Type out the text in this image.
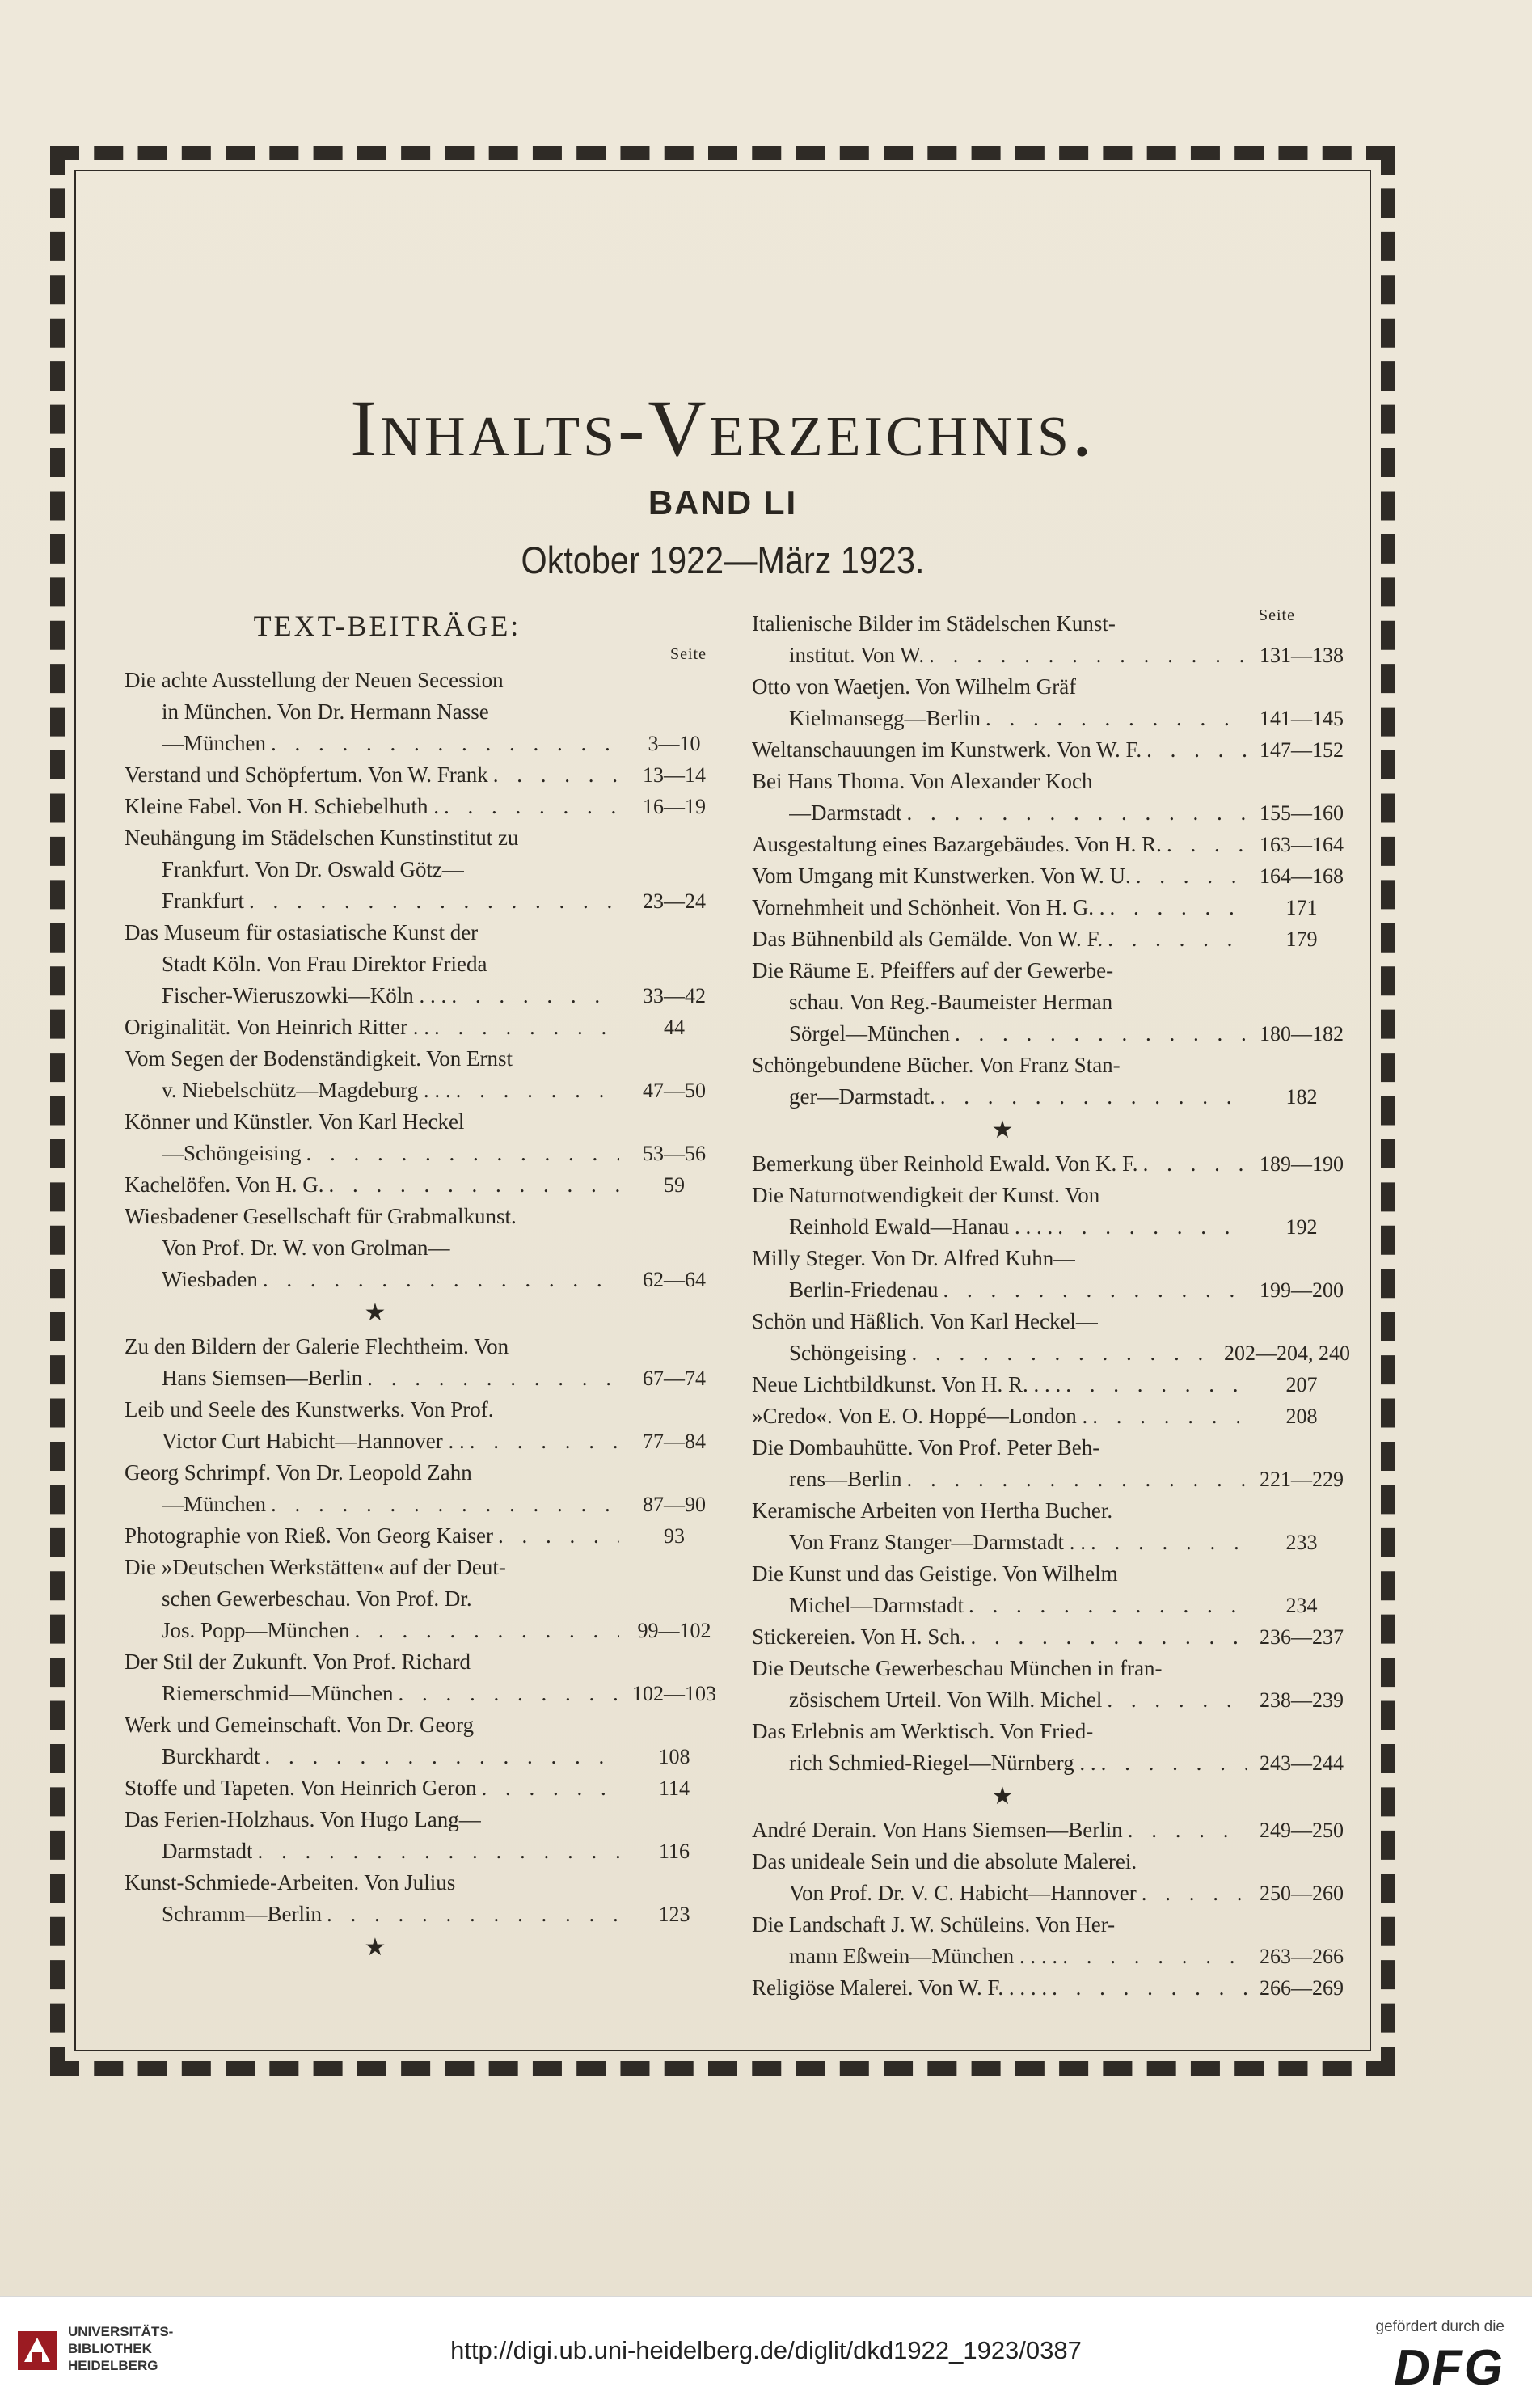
Inhalts-Verzeichnis.
BAND LI
Oktober 1922—März 1923.
TEXT-BEITRÄGE:
Seite
Die achte Ausstellung der Neuen Secession
in München. Von Dr. Hermann Nasse
—München . . .	3—10
Verstand und Schöpfertum. Von W. Frank . . .	13—14
Kleine Fabel. Von H. Schiebelhuth . . . .	16—19
Neuhängung im Städelschen Kunstinstitut zu
Frankfurt. Von Dr. Oswald Götz—
Frankfurt . . .	23—24
Das Museum für ostasiatische Kunst der
Stadt Köln. Von Frau Direktor Frieda
Fischer-Wieruszowki—Köln . . . . . .	33—42
Originalität. Von Heinrich Ritter . . . . .	44
Vom Segen der Bodenständigkeit. Von Ernst
v. Niebelschütz—Magdeburg . . . . . .	47—50
Könner und Künstler. Von Karl Heckel
—Schöngeising . . .	53—56
Kachelöfen. Von H. G. . . .	59
Wiesbadener Gesellschaft für Grabmalkunst.
Von Prof. Dr. W. von Grolman—
Wiesbaden . . .	62—64
★
Zu den Bildern der Galerie Flechtheim. Von
Hans Siemsen—Berlin . . .	67—74
Leib und Seele des Kunstwerks. Von Prof.
Victor Curt Habicht—Hannover . . . . .	77—84
Georg Schrimpf. Von Dr. Leopold Zahn
—München . . .	87—90
Photographie von Rieß. Von Georg Kaiser . . .	93
Die »Deutschen Werkstätten« auf der Deut-
schen Gewerbeschau. Von Prof. Dr.
Jos. Popp—München . . .	99—102
Der Stil der Zukunft. Von Prof. Richard
Riemerschmid—München . . .	102—103
Werk und Gemeinschaft. Von Dr. Georg
Burckhardt . . .	108
Stoffe und Tapeten. Von Heinrich Geron . . .	114
Das Ferien-Holzhaus. Von Hugo Lang—
Darmstadt . . .	116
Kunst-Schmiede-Arbeiten. Von Julius
Schramm—Berlin . . .	123
★
Seite
Italienische Bilder im Städelschen Kunst-
institut. Von W. . . .	131—138
Otto von Waetjen. Von Wilhelm Gräf
Kielmansegg—Berlin . . .	141—145
Weltanschauungen im Kunstwerk. Von W. F. . . .	147—152
Bei Hans Thoma. Von Alexander Koch
—Darmstadt . . .	155—160
Ausgestaltung eines Bazargebäudes. Von H. R. . . .	163—164
Vom Umgang mit Kunstwerken. Von W. U. . . .	164—168
Vornehmheit und Schönheit. Von H. G. . . . .	171
Das Bühnenbild als Gemälde. Von W. F. . . .	179
Die Räume E. Pfeiffers auf der Gewerbe-
schau. Von Reg.-Baumeister Herman
Sörgel—München . . .	180—182
Schöngebundene Bücher. Von Franz Stan-
ger—Darmstadt. . . .	182
★
Bemerkung über Reinhold Ewald. Von K. F. . . .	189—190
Die Naturnotwendigkeit der Kunst. Von
Reinhold Ewald—Hanau . . . . . . .	192
Milly Steger. Von Dr. Alfred Kuhn—
Berlin-Friedenau . . .	199—200
Schön und Häßlich. Von Karl Heckel—
Schöngeising . . .	202—204, 240
Neue Lichtbildkunst. Von H. R. . . . . . .	207
»Credo«. Von E. O. Hoppé—London . . . .	208
Die Dombauhütte. Von Prof. Peter Beh-
rens—Berlin . . .	221—229
Keramische Arbeiten von Hertha Bucher.
Von Franz Stanger—Darmstadt . . . . .	233
Die Kunst und das Geistige. Von Wilhelm
Michel—Darmstadt . . .	234
Stickereien. Von H. Sch. . . .	236—237
Die Deutsche Gewerbeschau München in fran-
zösischem Urteil. Von Wilh. Michel . . .	238—239
Das Erlebnis am Werktisch. Von Fried-
rich Schmied-Riegel—Nürnberg . . . . .	243—244
★
André Derain. Von Hans Siemsen—Berlin . . .	249—250
Das unideale Sein und die absolute Malerei.
Von Prof. Dr. V. C. Habicht—Hannover . . .	250—260
Die Landschaft J. W. Schüleins. Von Her-
mann Eßwein—München . . . . . . .	263—266
Religiöse Malerei. Von W. F. . . . . . . .	266—269
UNIVERSITÄTS-
BIBLIOTHEK
HEIDELBERG
http://digi.ub.uni-heidelberg.de/diglit/dkd1922_1923/0387
gefördert durch die
DFG
